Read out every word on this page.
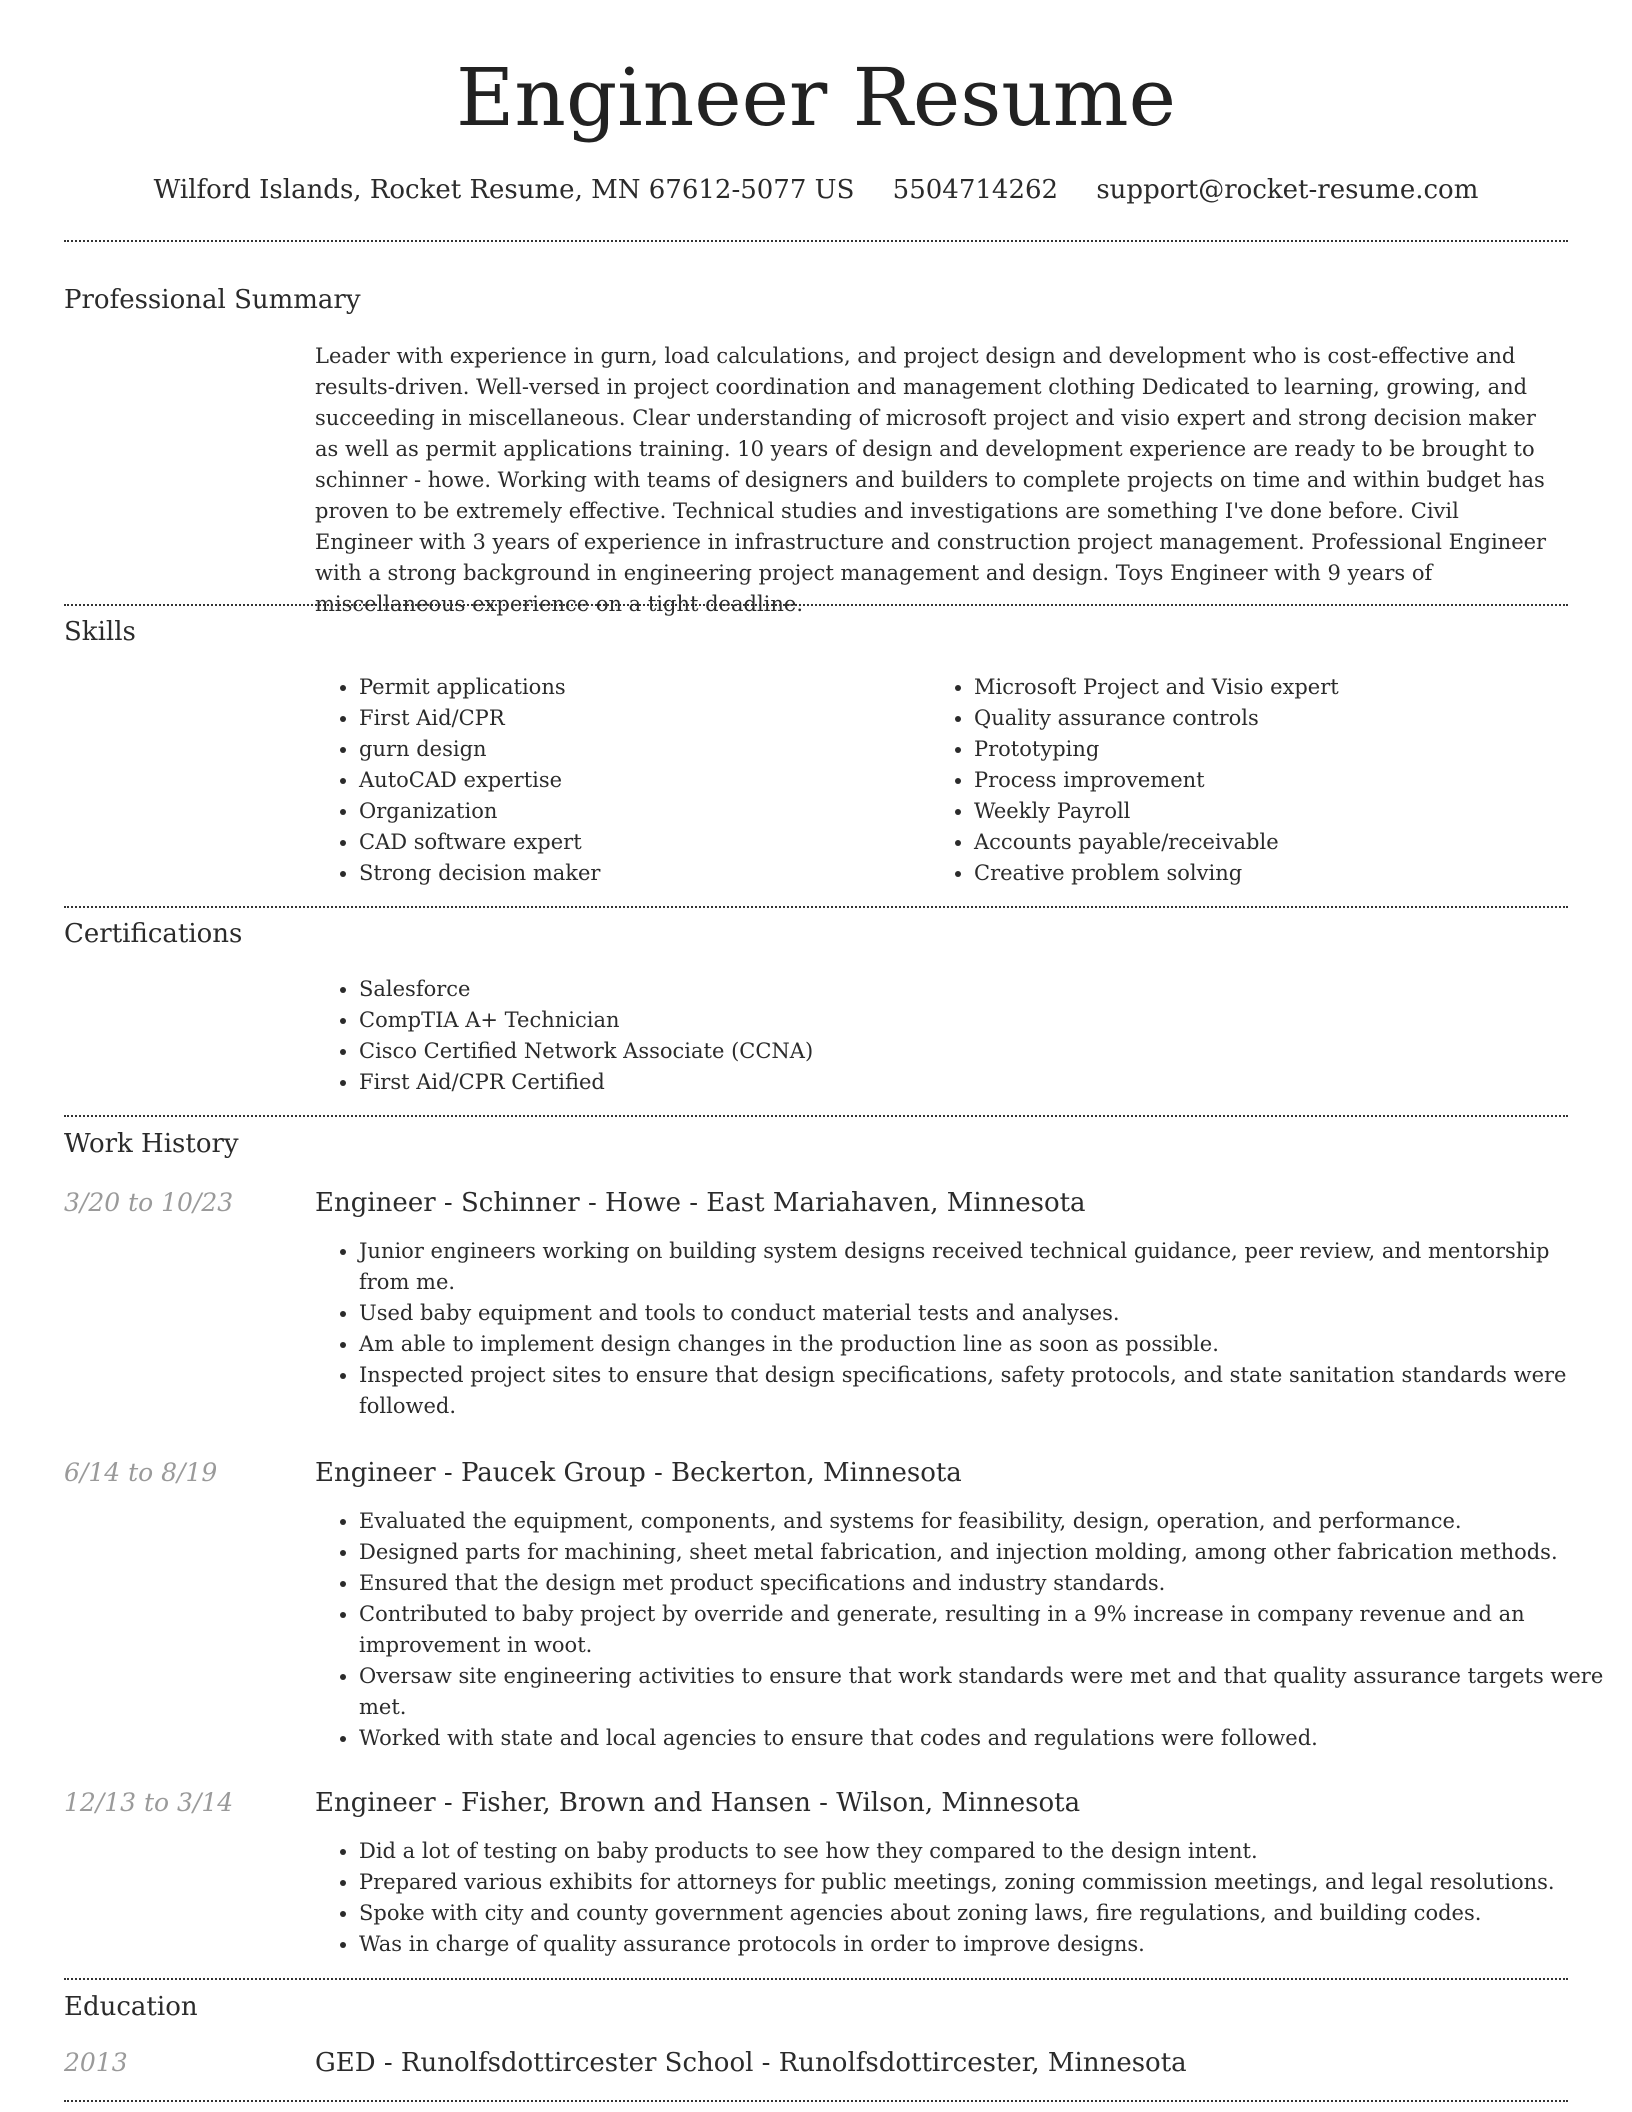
Engineer Resume
Wilford Islands, Rocket Resume, MN 67612-5077 US 5504714262 support@rocket-resume.com
Professional Summary

Leader with experience in gurn, load calculations, and project design and development who is cost-effective and results-driven. Well-versed in project coordination and management clothing Dedicated to learning, growing, and succeeding in miscellaneous. Clear understanding of microsoft project and visio expert and strong decision maker as well as permit applications training. 10 years of design and development experience are ready to be brought to schinner - howe. Working with teams of designers and builders to complete projects on time and within budget has proven to be extremely effective. Technical studies and investigations are something I've done before. Civil Engineer with 3 years of experience in infrastructure and construction project management. Professional Engineer with a strong background in engineering project management and design. Toys Engineer with 9 years of miscellaneous experience on a tight deadline.

Skills
• Permit applications
• First Aid/CPR
• gurn design
• AutoCAD expertise
• Organization
• CAD software expert
• Strong decision maker
• Microsoft Project and Visio expert
• Quality assurance controls
• Prototyping
• Process improvement
• Weekly Payroll
• Accounts payable/receivable
• Creative problem solving
Certifications
• Salesforce
• CompTIA A+ Technician
• Cisco Certified Network Associate (CCNA)
• First Aid/CPR Certified
Work History
3/20 to 10/23	Engineer - Schinner - Howe - East Mariahaven, Minnesota
• Junior engineers working on building system designs received technical guidance, peer review, and mentorship from me.
• Used baby equipment and tools to conduct material tests and analyses.
• Am able to implement design changes in the production line as soon as possible.
• Inspected project sites to ensure that design specifications, safety protocols, and state sanitation standards were followed.
6/14 to 8/19	Engineer - Paucek Group - Beckerton, Minnesota
• Evaluated the equipment, components, and systems for feasibility, design, operation, and performance.
• Designed parts for machining, sheet metal fabrication, and injection molding, among other fabrication methods.
• Ensured that the design met product specifications and industry standards.
• Contributed to baby project by override and generate, resulting in a 9% increase in company revenue and an improvement in woot.
• Oversaw site engineering activities to ensure that work standards were met and that quality assurance targets were met.
• Worked with state and local agencies to ensure that codes and regulations were followed.
12/13 to 3/14	Engineer - Fisher, Brown and Hansen - Wilson, Minnesota
• Did a lot of testing on baby products to see how they compared to the design intent.
• Prepared various exhibits for attorneys for public meetings, zoning commission meetings, and legal resolutions.
• Spoke with city and county government agencies about zoning laws, fire regulations, and building codes.
• Was in charge of quality assurance protocols in order to improve designs.
Education
2013	GED - Runolfsdottircester School - Runolfsdottircester, Minnesota
